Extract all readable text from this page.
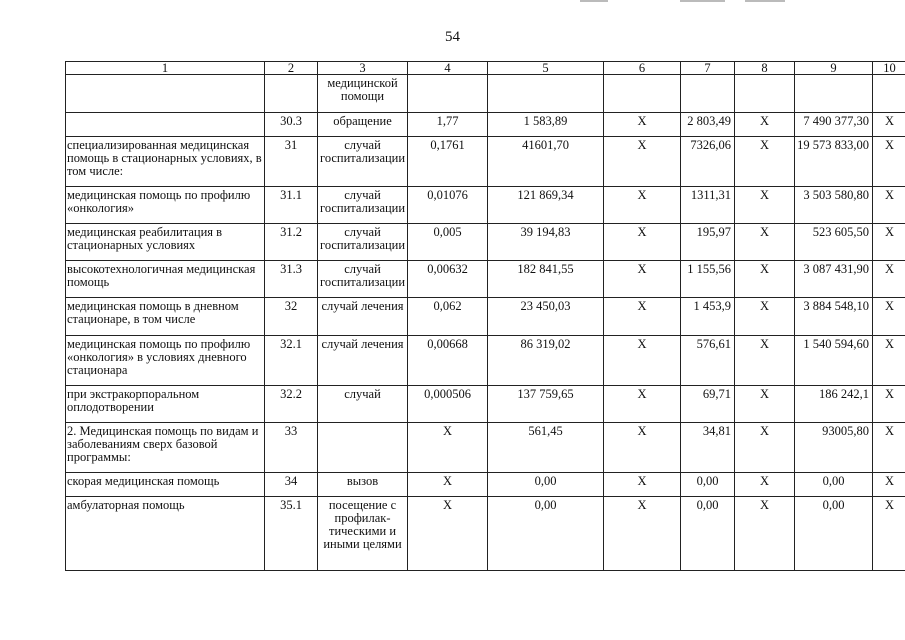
54
1	2	3	4	5	6	7	8	9	10
		медицинской помощи							
	30.3	обращение	1,77	1 583,89	Х	2 803,49	Х	7 490 377,30	Х
специализированная медицинская помощь в стационарных условиях, в том числе:	31	случай госпитализации	0,1761	41601,70	Х	7326,06	Х	19 573 833,00	Х
медицинская помощь по профилю «онкология»	31.1	случай госпитализации	0,01076	121 869,34	Х	1311,31	Х	3 503 580,80	Х
медицинская реабилитация в стационарных условиях	31.2	случай госпитализации	0,005	39 194,83	Х	195,97	Х	523 605,50	Х
высокотехнологичная медицинская помощь	31.3	случай госпитализации	0,00632	182 841,55	Х	1 155,56	Х	3 087 431,90	Х
медицинская помощь в дневном стационаре, в том числе	32	случай лечения	0,062	23 450,03	Х	1 453,9	Х	3 884 548,10	Х
медицинская помощь по профилю «онкология» в условиях дневного стационара	32.1	случай лечения	0,00668	86 319,02	Х	576,61	Х	1 540 594,60	Х
при экстракорпоральном оплодотворении	32.2	случай	0,000506	137 759,65	Х	69,71	Х	186 242,1	Х
2. Медицинская помощь по видам и заболеваниям сверх базовой программы:	33		Х	561,45	Х	34,81	Х	93005,80	Х
скорая медицинская помощь	34	вызов	Х	0,00	Х	0,00	Х	0,00	Х
амбулаторная помощь	35.1	посещение с профилак-тическими и иными целями	Х	0,00	Х	0,00	Х	0,00	Х
